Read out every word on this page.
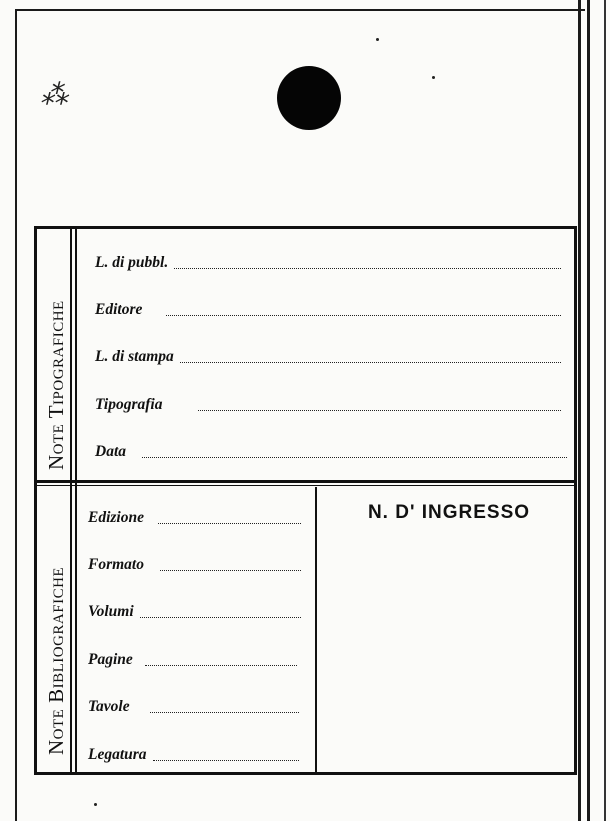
⁂
Note Tipografiche
Note Bibliografiche
L. di pubbl.
Editore
L. di stampa
Tipografia
Data
Edizione
Formato
Volumi
Pagine
Tavole
Legatura
N. D' INGRESSO
